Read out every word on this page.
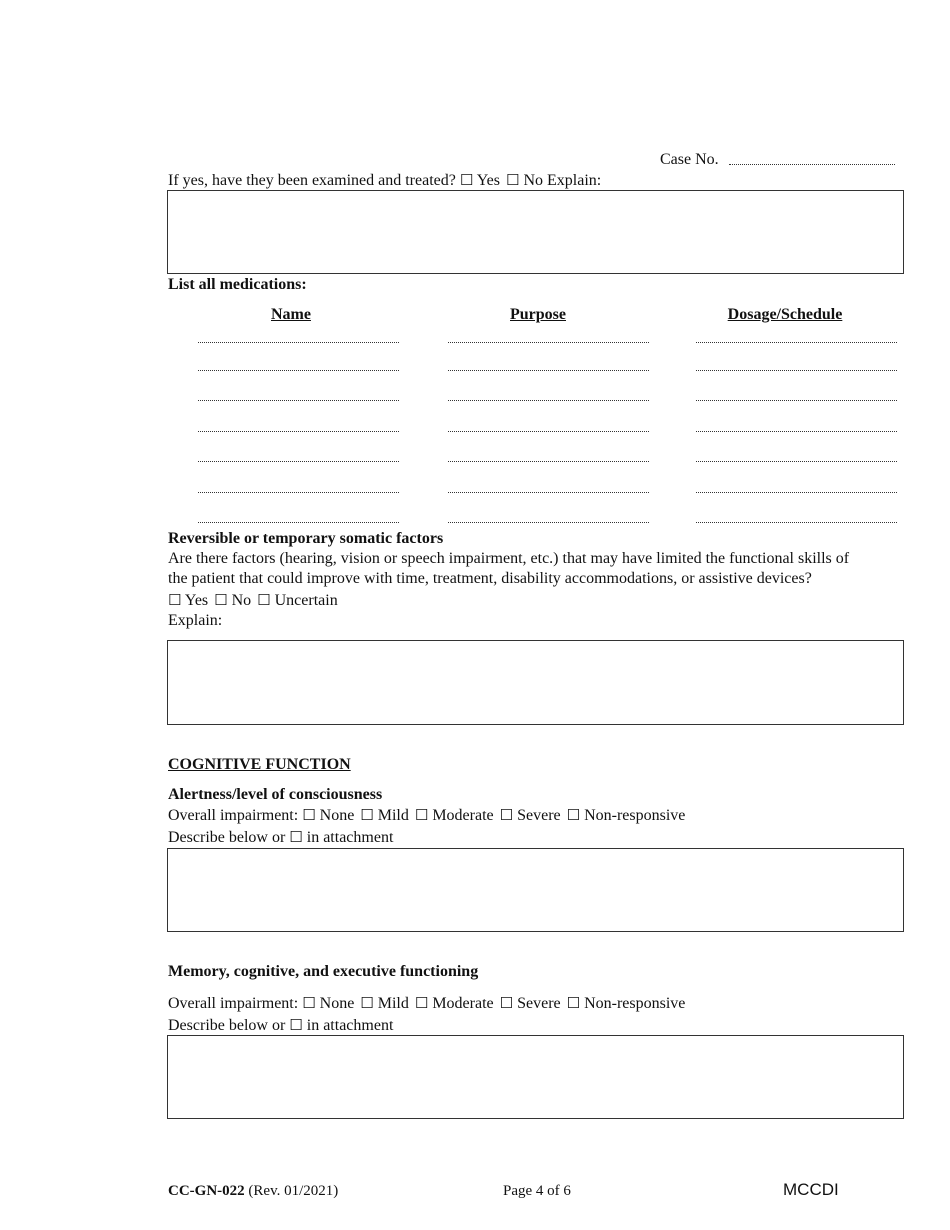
Case No.
If yes, have they been examined and treated? ☐ Yes ☐ No Explain:
List all medications:
Name	Purpose	Dosage/Schedule
Reversible or temporary somatic factors
Are there factors (hearing, vision or speech impairment, etc.) that may have limited the functional skills of
the patient that could improve with time, treatment, disability accommodations, or assistive devices?
☐ Yes ☐ No ☐ Uncertain
Explain:
COGNITIVE FUNCTION
Alertness/level of consciousness
Overall impairment: ☐ None ☐ Mild ☐ Moderate ☐ Severe ☐ Non-responsive
Describe below or ☐ in attachment
Memory, cognitive, and executive functioning
Overall impairment: ☐ None ☐ Mild ☐ Moderate ☐ Severe ☐ Non-responsive
Describe below or ☐ in attachment
CC-GN-022 (Rev. 01/2021)	Page 4 of 6	MCCDI
